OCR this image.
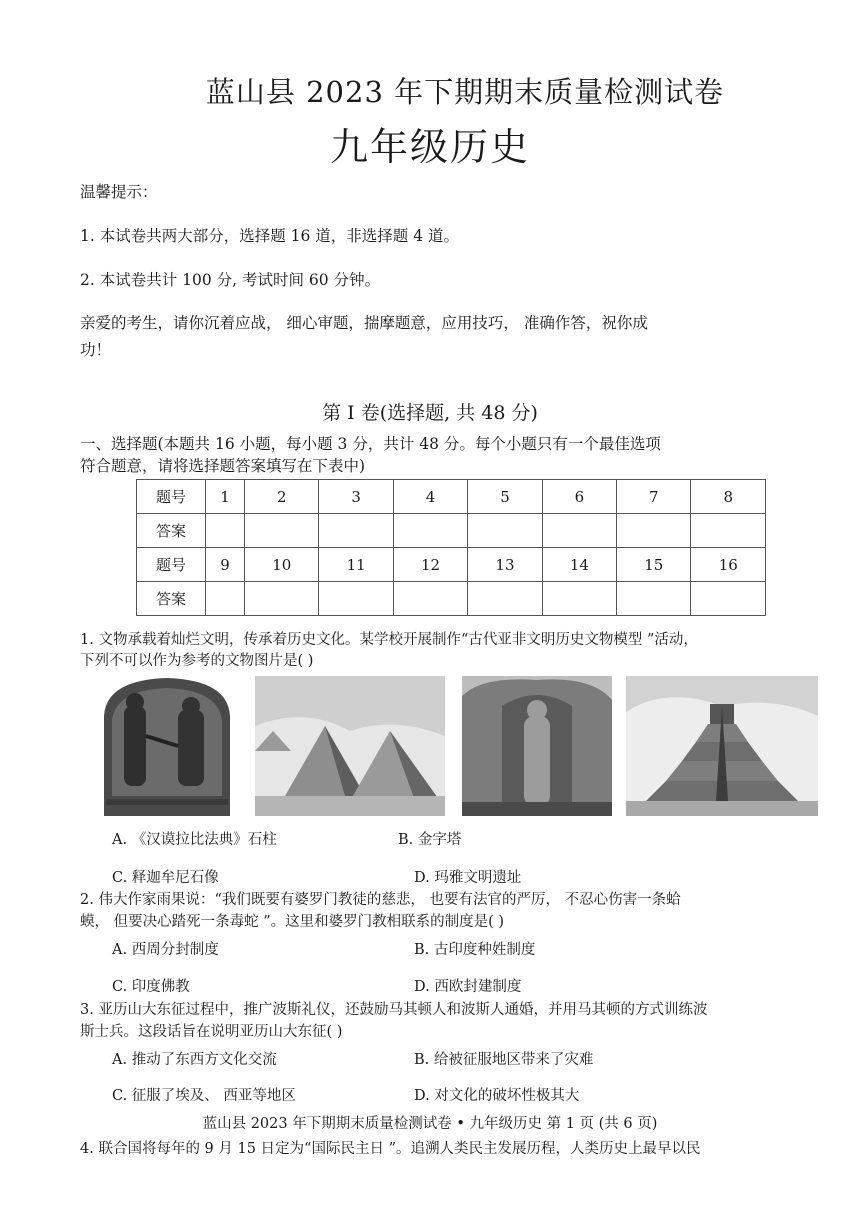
蓝山县 2023 年下期期末质量检测试卷
九年级历史
温馨提示：
1. 本试卷共两大部分，选择题 16 道，非选择题 4 道。
2. 本试卷共计 100 分, 考试时间 60 分钟。
亲爱的考生，请你沉着应战， 细心审题，揣摩题意，应用技巧， 准确作答，祝你成
功！
第 I 卷(选择题, 共 48 分)
一、选择题(本题共 16 小题，每小题 3 分，共计 48 分。每个小题只有一个最佳选项
符合题意，请将选择题答案填写在下表中)
题号	1	2	3	4	5	6	7	8
答案								
题号	9	10	11	12	13	14	15	16
答案								
1. 文物承载着灿烂文明，传承着历史文化。某学校开展制作“古代亚非文明历史文物模型 ”活动，
下列不可以作为参考的文物图片是( )
A. 《汉谟拉比法典》石柱	B. 金字塔
C. 释迦牟尼石像	D. 玛雅文明遗址
2. 伟大作家雨果说：“我们既要有婆罗门教徒的慈悲， 也要有法官的严厉， 不忍心伤害一条蛤
蟆， 但要决心踏死一条毒蛇 ”。这里和婆罗门教相联系的制度是( )
A. 西周分封制度	B. 古印度种姓制度
C. 印度佛教	D. 西欧封建制度
3. 亚历山大东征过程中，推广波斯礼仪，还鼓励马其顿人和波斯人通婚，并用马其顿的方式训练波
斯士兵。这段话旨在说明亚历山大东征( )
A. 推动了东西方文化交流	B. 给被征服地区带来了灾难
C. 征服了埃及、 西亚等地区	D. 对文化的破坏性极其大
蓝山县 2023 年下期期末质量检测试卷 • 九年级历史 第 1 页 (共 6 页)
4. 联合国将每年的 9 月 15 日定为“国际民主日 ”。追溯人类民主发展历程，人类历史上最早以民
